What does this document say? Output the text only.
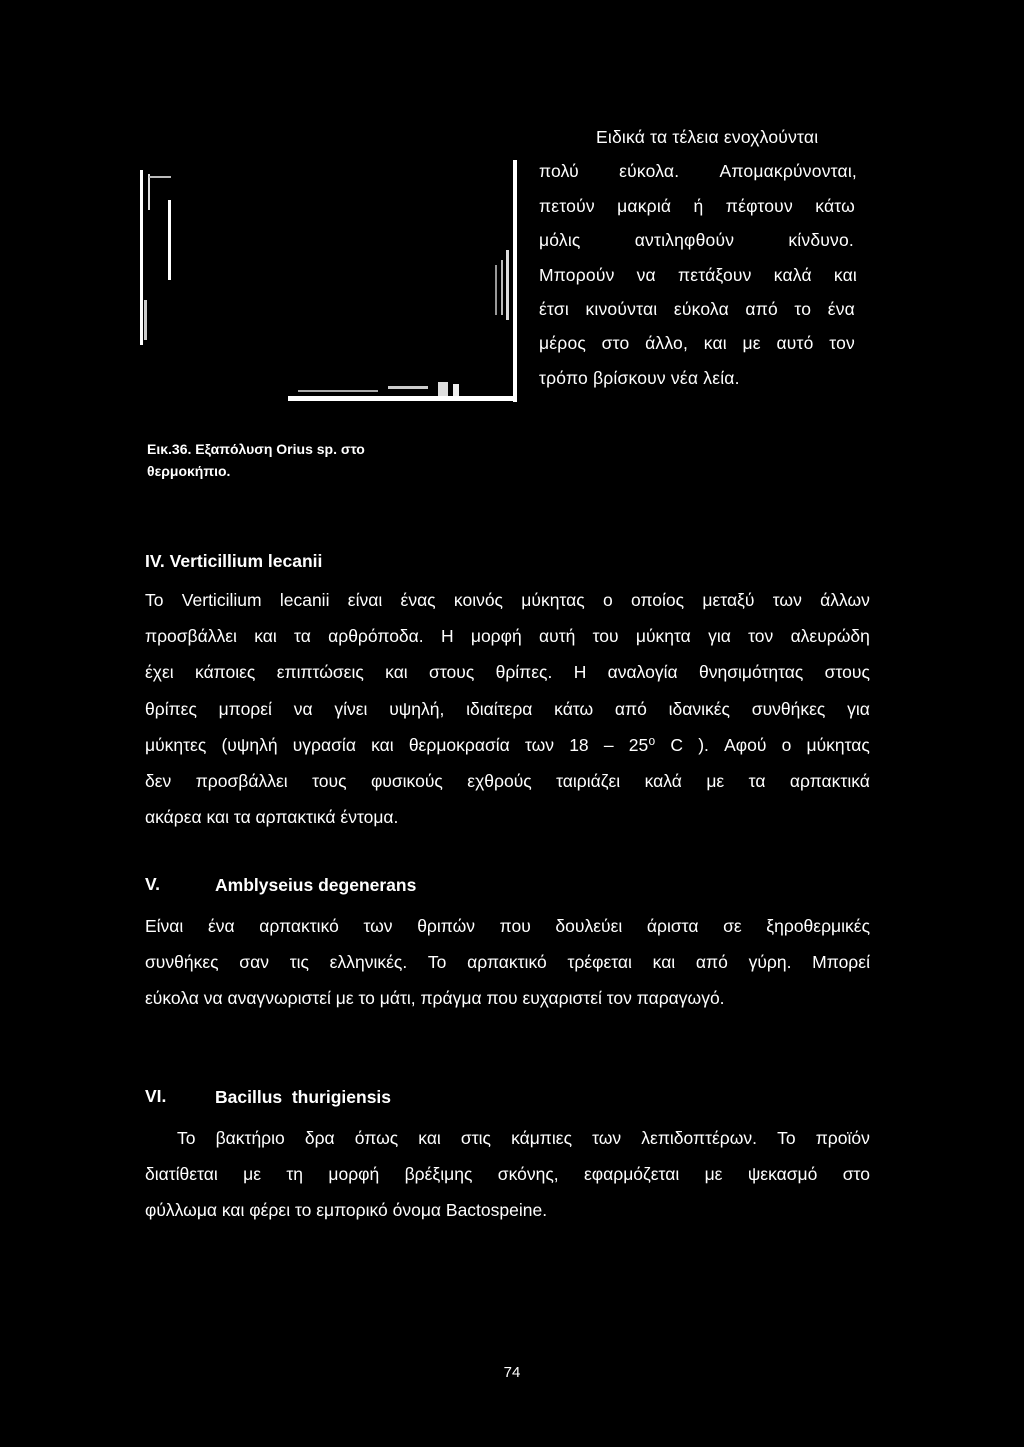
Ειδικά τα τέλεια ενοχλούνται
πολύ εύκολα. Απομακρύνονται,
πετούν μακριά ή πέφτουν κάτω
μόλις	αντιληφθούν	κίνδυνο.
Μπορούν να πετάξουν καλά και
έτσι κινούνται εύκολα από το ένα
μέρος στο άλλο, και με αυτό τον
τρόπο βρίσκουν νέα λεία.
Εικ.36. Εξαπόλυση Orius sp. στο
θερμοκήπιο.
IV. Verticillium lecanii
Το Verticilium lecanii είναι ένας κοινός μύκητας ο οποίος μεταξύ των άλλων
προσβάλλει και τα αρθρόποδα. Η μορφή αυτή του μύκητα για τον αλευρώδη
έχει κάποιες επιπτώσεις και στους θρίπες. Η αναλογία θνησιμότητας στους
θρίπες μπορεί να γίνει υψηλή, ιδιαίτερα κάτω από ιδανικές συνθήκες για
μύκητες (υψηλή υγρασία και θερμοκρασία των 18 – 25⁰ C ). Αφού ο μύκητας
δεν προσβάλλει τους φυσικούς εχθρούς ταιριάζει καλά με τα αρπακτικά
ακάρεα και τα αρπακτικά έντομα.
V.	Amblyseius degenerans
Είναι ένα αρπακτικό των θριπών που δουλεύει άριστα σε ξηροθερμικές
συνθήκες σαν τις ελληνικές. Το αρπακτικό τρέφεται και από γύρη. Μπορεί
εύκολα να αναγνωριστεί με το μάτι, πράγμα που ευχαριστεί τον παραγωγό.
VI.	Bacillus  thurigiensis
Το βακτήριο δρα όπως και στις κάμπιες των λεπιδοπτέρων. Το προϊόν
διατίθεται με τη μορφή βρέξιμης σκόνης, εφαρμόζεται με ψεκασμό στο
φύλλωμα και φέρει το εμπορικό όνομα Bactospeine.
74
